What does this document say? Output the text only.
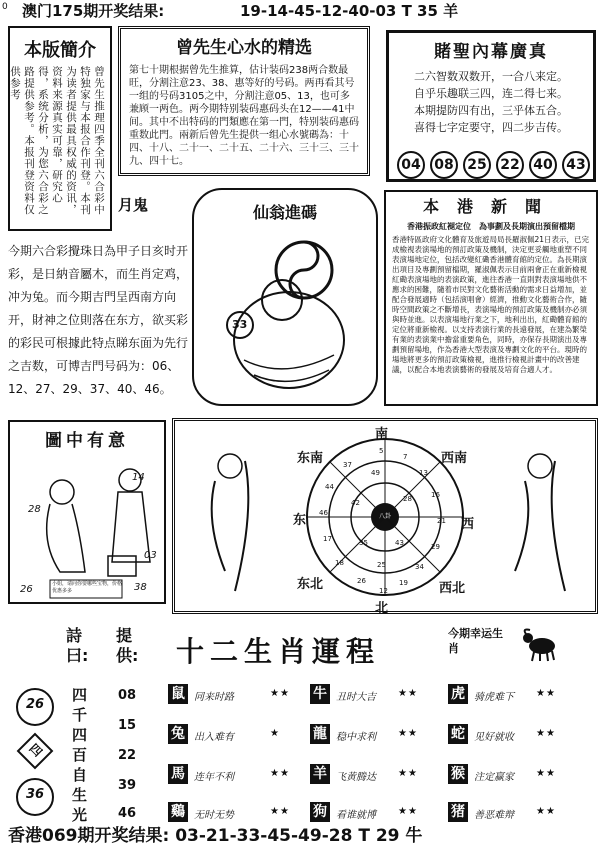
0 澳门175期开奖结果:	19-14-45-12-40-03 T 35 羊
本版簡介
曾先生推理四季全刊六合彩中特独家与本报合作刊登。本刊为读者提供最具权威的资讯，资料来源真实可靠，研究心得，系统分析，为您六合彩之路提供参考。本报刊登资料仅供参考
曾先生心水的精选
第七十期根据曾先生推算，估计装码238两合数最旺，分割注意23、38、惠等好的号码。两再看其号一组的号码3105之中，分割注意05、13，也可多兼顾一两色。两今期特别装码惠码头在12——41中间。其中不出特码的門類應在第一門，特别装码惠码重数此門。兩新后曾先生提供一组心水號碼為：十四、十八、二十一、二十五、二十六、三十三、三十九、四十七。
賭聖內幕廣真
二六智数双数开，一合八来定。
自乎乐趣联三四，连二得七来。
本期提防四有出，三乎体五合。
喜得七字定要守，四二步吉传。
04 08 25 22 40 43
月鬼
今期六合彩攪珠日為甲子日亥时开彩，是日納音屬木，而生肖定鸡，冲为兔。而今期吉門呈西南方向开，財神之位則落在东方，欲买彩的彩民可根據此特点睇东面为先行之吉数，可博吉門号码为：06、12、27、29、37、40、46。
仙翁進碼
33
本港新聞
香港振政紅褪定位　為事劃及長期演出預留檔期
香港特區政府文化體育及旅遊局局長羅淑佩21日表示，已完成檢視表演場地的預訂政策及機制，決定更妥觸地重塑不同表演場地定位，包括改變紅磡香港體育館的定位。為長期演出項目及專劃預留檔期，羅淑佩表示目前兩會正在重新檢視紅磡表演場地的表演政策，進往香港一直則對表演場地供不應求的困難，隨着市民對文化藝術活動的需求日益增加，並配合發展適時（包括演唱會）經濟，推動文化藝術合作，隨時空間政策之不斷增長，表演場地的預訂政策及機制亦必須與時並進。以表演場地行業之下，地利出出，紅磡體育館的定位將重新檢視。以支持表演行業的長遠發展，在建為繁榮有業的表演業中擔當重要角色，同時，亦保存長期演出及專劃預留場地，作為香港大型表演及專劃文化的平台。現時的場地將更多的預訂政策檢視，進推行檢視計畫中的改善建議，以配合本地表演藝術的發展及培育合適人才。
圖中有意
14
28
03
26	38
小姐，请问你要哪些宝物，价格优惠多多
八卦
5
7
49	13
16
21
29
34
28
42
43
35
25
18
17
46
44
37
26	19
12
南
西南
东南
东	西
东北	西北
北
詩曰:
提供:
26
四
36
四
千
四
百
自
生
光
08
15
22
39
46
十二生肖運程
今期幸运生肖
鼠 同来时路	★★ 牛 丑时大吉 ★★ 虎 骑虎难下 ★★
兔 出入难有	★ 龍 稳中求利 ★★ 蛇 见好就收 ★★
馬 连年不利	★★ 羊 飞黄腾达 ★★ 猴 注定赢家 ★★
鷄 无时无势	★★ 狗 看谁就博 ★★ 猪 善恶难辩 ★★
香港069期开奖结果: 03-21-33-45-49-28 T 29 牛
